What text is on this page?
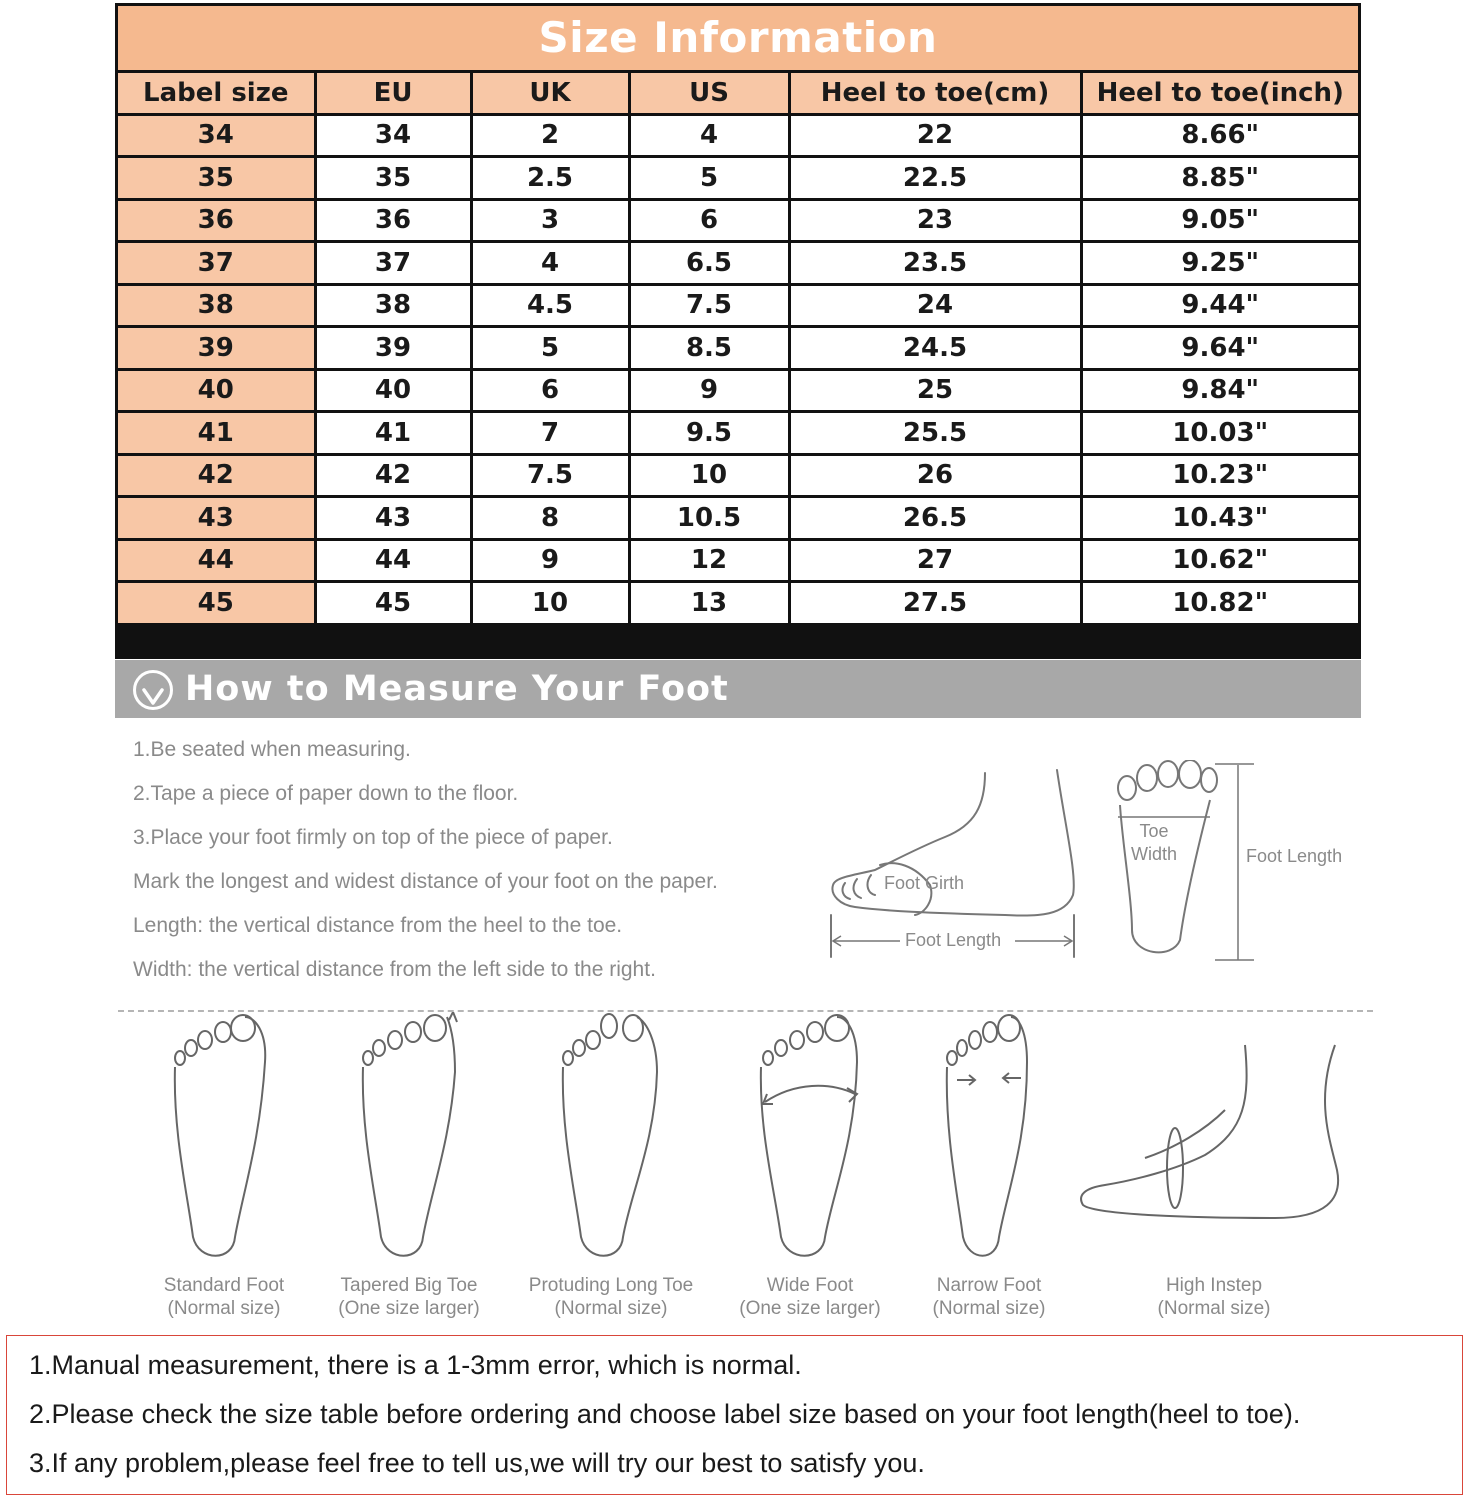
Size Information
Label size	EU	UK	US	Heel to toe(cm)	Heel to toe(inch)
34	34	2	4	22	8.66"
35	35	2.5	5	22.5	8.85"
36	36	3	6	23	9.05"
37	37	4	6.5	23.5	9.25"
38	38	4.5	7.5	24	9.44"
39	39	5	8.5	24.5	9.64"
40	40	6	9	25	9.84"
41	41	7	9.5	25.5	10.03"
42	42	7.5	10	26	10.23"
43	43	8	10.5	26.5	10.43"
44	44	9	12	27	10.62"
45	45	10	13	27.5	10.82"
How to Measure Your Foot
1.Be seated when measuring.
2.Tape a piece of paper down to the floor.
3.Place your foot firmly on top of the piece of paper.
Mark the longest and widest distance of your foot on the paper.
Length: the vertical distance from the heel to the toe.
Width: the vertical distance from the left side to the right.
Foot Girth
Foot Length
Toe
Width	Foot Length
Standard Foot
(Normal size)
Tapered Big Toe
(One size larger)
Protuding Long Toe
(Normal size)
Wide Foot
(One size larger)
Narrow Foot
(Normal size)
High Instep
(Normal size)
1.Manual measurement, there is a 1-3mm error, which is normal.
2.Please check the size table before ordering and choose label size based on your foot length(heel to toe).
3.If any problem,please feel free to tell us,we will try our best to satisfy you.
